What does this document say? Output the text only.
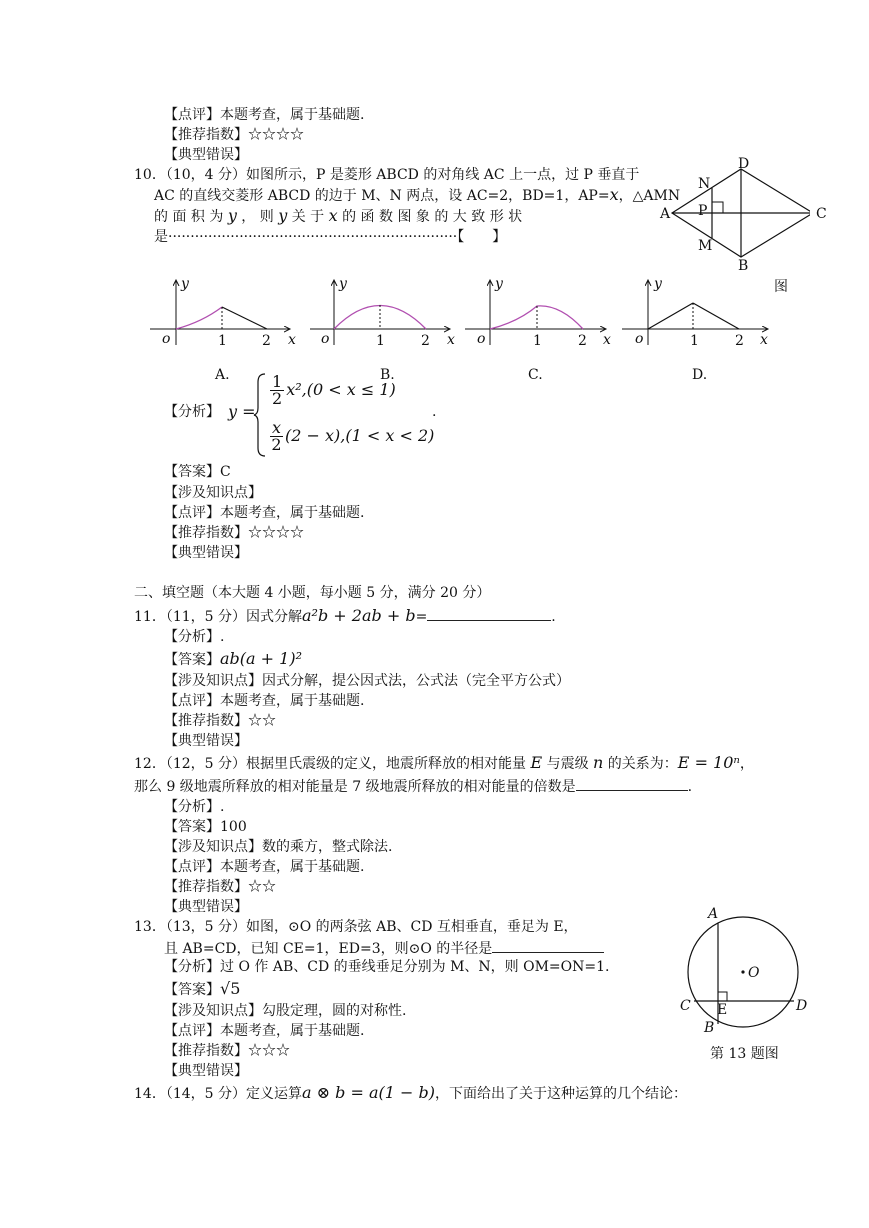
【点评】本题考查，属于基础题.
【推荐指数】☆☆☆☆
【典型错误】
10．（10，4 分）如图所示，P 是菱形 ABCD 的对角线 AC 上一点，过 P 垂直于
AC 的直线交菱形 ABCD 的边于 M、N 两点，设 AC=2，BD=1，AP=x，△AMN
的 面 积 为 y ， 则 y 关 于 x 的 函 数 图 象 的 大 致 形 状
是·································································【　　】
D
N
P
A	C
M
B
图
y
o	1	2 x
y
o	1	2 x
y
o	1	2 x
y
o	1	2 x
A.	B.	C.	D.
【分析】 y =
$\frac{1}{2} x^2,(0 < x \le 1)$
$\frac{x}{2} (2 - x),(1 < x < 2)$
.
【答案】C
【涉及知识点】
【点评】本题考查，属于基础题.
【推荐指数】☆☆☆☆
【典型错误】
二、填空题（本大题 4 小题，每小题 5 分，满分 20 分）
11．（11，5 分）因式分解a²b + 2ab + b=	.
【分析】.
【答案】ab(a + 1)²
【涉及知识点】因式分解，提公因式法，公式法（完全平方公式）
【点评】本题考查，属于基础题.
【推荐指数】☆☆
【典型错误】
12．（12，5 分）根据里氏震级的定义，地震所释放的相对能量 E 与震级 n 的关系为：E = 10ⁿ，
那么 9 级地震所释放的相对能量是 7 级地震所释放的相对能量的倍数是	.
【分析】.
【答案】100
【涉及知识点】数的乘方，整式除法.
【点评】本题考查，属于基础题.
【推荐指数】☆☆
【典型错误】
13．（13，5 分）如图，⊙O 的两条弦 AB、CD 互相垂直，垂足为 E，
且 AB=CD，已知 CE=1，ED=3，则⊙O 的半径是
【分析】过 O 作 AB、CD 的垂线垂足分别为 M、N，则 OM=ON=1.
【答案】√5
【涉及知识点】勾股定理，圆的对称性.
【点评】本题考查，属于基础题.
【推荐指数】☆☆☆
【典型错误】
A
O
C E	D
B
第 13 题图
14．（14，5 分）定义运算a ⊗ b = a(1 − b)，下面给出了关于这种运算的几个结论：
